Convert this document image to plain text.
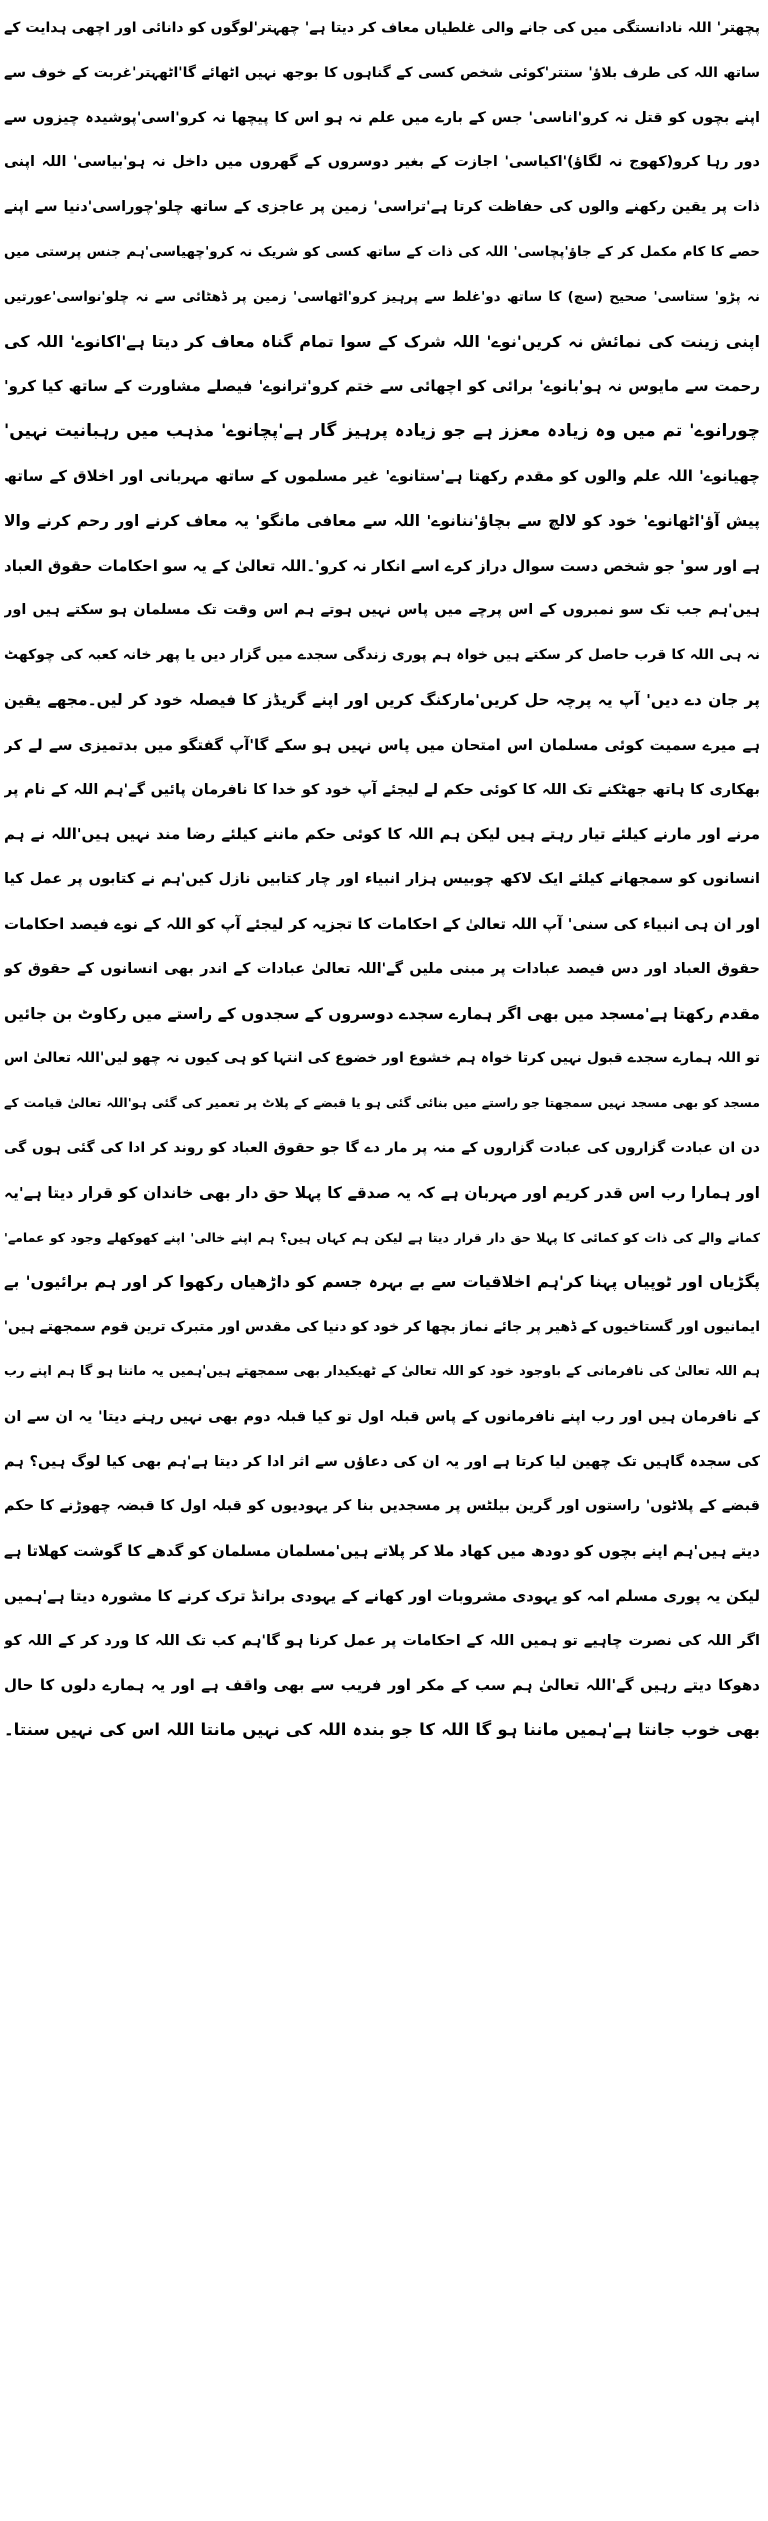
پچھتر' اللہ نادانستگی میں کی جانے والی غلطیاں معاف کر دیتا ہے' چھہتر'لوگوں کو دانائی اور اچھی ہدایت کے
ساتھ اللہ کی طرف بلاؤ' ستتر'کوئی شخص کسی کے گناہوں کا بوجھ نہیں اٹھائے گا'اٹھہتر'غربت کے خوف سے
اپنے بچوں کو قتل نہ کرو'اناسی' جس کے بارے میں علم نہ ہو اس کا پیچھا نہ کرو'اسی'پوشیدہ چیزوں سے
دور رہا کرو(کھوج نہ لگاؤ)'اکیاسی' اجازت کے بغیر دوسروں کے گھروں میں داخل نہ ہو'بیاسی' اللہ اپنی
ذات پر یقین رکھنے والوں کی حفاظت کرتا ہے'تراسی' زمین پر عاجزی کے ساتھ چلو'چوراسی'دنیا سے اپنے
حصے کا کام مکمل کر کے جاؤ'پچاسی' اللہ کی ذات کے ساتھ کسی کو شریک نہ کرو'چھیاسی'ہم جنس پرستی میں
نہ پڑو' ستاسی' صحیح (سچ) کا ساتھ دو'غلط سے پرہیز کرو'اٹھاسی' زمین پر ڈھٹائی سے نہ چلو'نواسی'عورتیں
اپنی زینت کی نمائش نہ کریں'نوے' اللہ شرک کے سوا تمام گناہ معاف کر دیتا ہے'اکانوے' اللہ کی
رحمت سے مایوس نہ ہو'بانوے' برائی کو اچھائی سے ختم کرو'ترانوے' فیصلے مشاورت کے ساتھ کیا کرو'
چورانوے' تم میں وہ زیادہ معزز ہے جو زیادہ پرہیز گار ہے'پچانوے' مذہب میں رہبانیت نہیں'
چھیانوے' اللہ علم والوں کو مقدم رکھتا ہے'ستانوے' غیر مسلموں کے ساتھ مہربانی اور اخلاق کے ساتھ
پیش آؤ'اٹھانوے' خود کو لالچ سے بچاؤ'ننانوے' اللہ سے معافی مانگو' یہ معاف کرنے اور رحم کرنے والا
ہے اور سو' جو شخص دست سوال دراز کرے اسے انکار نہ کرو'۔اللہ تعالیٰ کے یہ سو احکامات حقوق العباد
ہیں'ہم جب تک سو نمبروں کے اس پرچے میں پاس نہیں ہوتے ہم اس وقت تک مسلمان ہو سکتے ہیں اور
نہ ہی اللہ کا قرب حاصل کر سکتے ہیں خواہ ہم پوری زندگی سجدے میں گزار دیں یا پھر خانہ کعبہ کی چوکھٹ
پر جان دے دیں' آپ یہ پرچہ حل کریں'مارکنگ کریں اور اپنے گریڈز کا فیصلہ خود کر لیں۔مجھے یقین
ہے میرے سمیت کوئی مسلمان اس امتحان میں پاس نہیں ہو سکے گا'آپ گفتگو میں بدتمیزی سے لے کر
بھکاری کا ہاتھ جھٹکنے تک اللہ کا کوئی حکم لے لیجئے آپ خود کو خدا کا نافرمان پائیں گے'ہم اللہ کے نام پر
مرنے اور مارنے کیلئے تیار رہتے ہیں لیکن ہم اللہ کا کوئی حکم ماننے کیلئے رضا مند نہیں ہیں'اللہ نے ہم
انسانوں کو سمجھانے کیلئے ایک لاکھ چوبیس ہزار انبیاء اور چار کتابیں نازل کیں'ہم نے کتابوں پر عمل کیا
اور ان ہی انبیاء کی سنی' آپ اللہ تعالیٰ کے احکامات کا تجزیہ کر لیجئے آپ کو اللہ کے نوے فیصد احکامات
حقوق العباد اور دس فیصد عبادات پر مبنی ملیں گے'اللہ تعالیٰ عبادات کے اندر بھی انسانوں کے حقوق کو
مقدم رکھتا ہے'مسجد میں بھی اگر ہمارے سجدے دوسروں کے سجدوں کے راستے میں رکاوٹ بن جائیں
تو اللہ ہمارے سجدے قبول نہیں کرتا خواہ ہم خشوع اور خضوع کی انتہا کو ہی کیوں نہ چھو لیں'اللہ تعالیٰ اس
مسجد کو بھی مسجد نہیں سمجھتا جو راستے میں بنائی گئی ہو یا قبضے کے پلاٹ پر تعمیر کی گئی ہو'اللہ تعالیٰ قیامت کے
دن ان عبادت گزاروں کی عبادت گزاروں کے منہ پر مار دے گا جو حقوق العباد کو روند کر ادا کی گئی ہوں گی
اور ہمارا رب اس قدر کریم اور مہربان ہے کہ یہ صدقے کا پہلا حق دار بھی خاندان کو قرار دیتا ہے'یہ
کمانے والے کی ذات کو کمائی کا پہلا حق دار قرار دیتا ہے لیکن ہم کہاں ہیں؟ ہم اپنے خالی' اپنے کھوکھلے وجود کو عمامے'
پگڑیاں اور ٹوپیاں پہنا کر'ہم اخلاقیات سے بے بہرہ جسم کو داڑھیاں رکھوا کر اور ہم برائیوں' بے
ایمانیوں اور گستاخیوں کے ڈھیر پر جائے نماز بچھا کر خود کو دنیا کی مقدس اور متبرک ترین قوم سمجھتے ہیں'
ہم اللہ تعالیٰ کی نافرمانی کے باوجود خود کو اللہ تعالیٰ کے ٹھیکیدار بھی سمجھتے ہیں'ہمیں یہ ماننا ہو گا ہم اپنے رب
کے نافرمان ہیں اور رب اپنے نافرمانوں کے پاس قبلہ اول تو کیا قبلہ دوم بھی نہیں رہنے دیتا' یہ ان سے ان
کی سجدہ گاہیں تک چھین لیا کرتا ہے اور یہ ان کی دعاؤں سے اثر ادا کر دیتا ہے'ہم بھی کیا لوگ ہیں؟ ہم
قبضے کے پلاٹوں' راستوں اور گرین بیلٹس پر مسجدیں بنا کر یہودیوں کو قبلہ اول کا قبضہ چھوڑنے کا حکم
دیتے ہیں'ہم اپنے بچوں کو دودھ میں کھاد ملا کر پلاتے ہیں'مسلمان مسلمان کو گدھے کا گوشت کھلاتا ہے
لیکن یہ پوری مسلم امہ کو یہودی مشروبات اور کھانے کے یہودی برانڈ ترک کرنے کا مشورہ دیتا ہے'ہمیں
اگر اللہ کی نصرت چاہیے تو ہمیں اللہ کے احکامات پر عمل کرنا ہو گا'ہم کب تک اللہ کا ورد کر کے اللہ کو
دھوکا دیتے رہیں گے'اللہ تعالیٰ ہم سب کے مکر اور فریب سے بھی واقف ہے اور یہ ہمارے دلوں کا حال
بھی خوب جانتا ہے'ہمیں ماننا ہو گا اللہ کا جو بندہ اللہ کی نہیں مانتا اللہ اس کی نہیں سنتا۔
